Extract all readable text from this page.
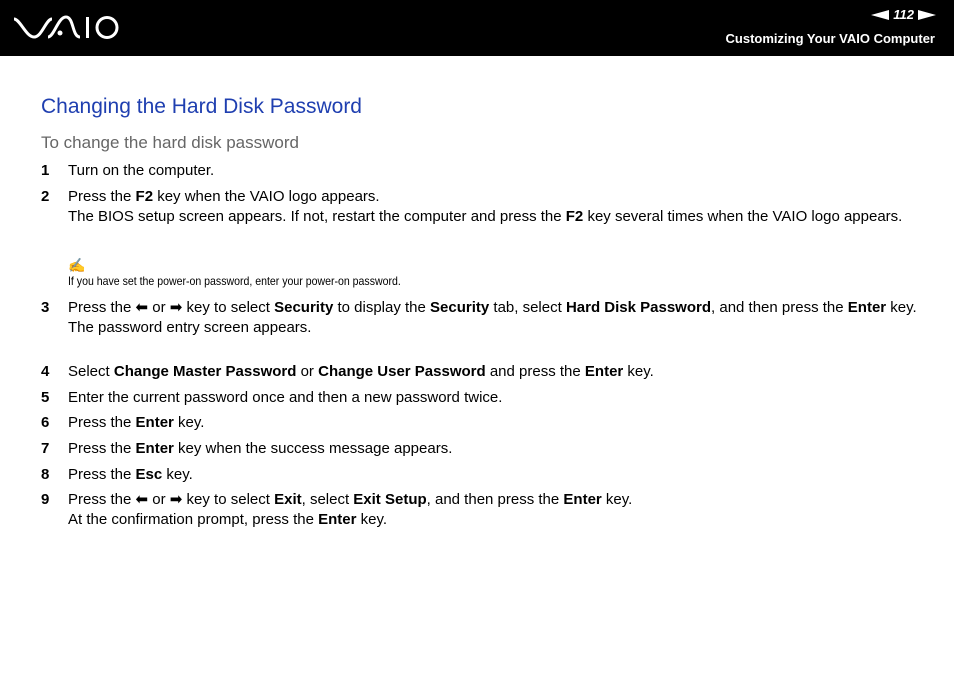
112
Customizing Your VAIO Computer
Changing the Hard Disk Password
To change the hard disk password
1	Turn on the computer.
2	Press the F2 key when the VAIO logo appears.
The BIOS setup screen appears. If not, restart the computer and press the F2 key several times when the VAIO logo appears.
✍
If you have set the power-on password, enter your power-on password.
3	Press the ⬅ or ➡ key to select Security to display the Security tab, select Hard Disk Password, and then press the Enter key.
The password entry screen appears.
4	Select Change Master Password or Change User Password and press the Enter key.
5	Enter the current password once and then a new password twice.
6	Press the Enter key.
7	Press the Enter key when the success message appears.
8	Press the Esc key.
9	Press the ⬅ or ➡ key to select Exit, select Exit Setup, and then press the Enter key.
At the confirmation prompt, press the Enter key.
